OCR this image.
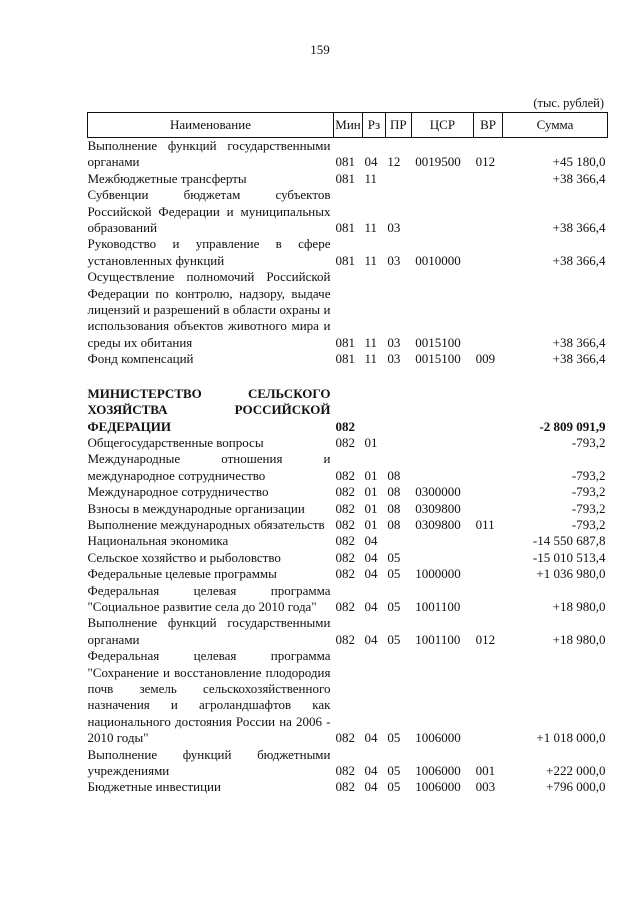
159
(тыс. рублей)
Наименование	Мин	Рз	ПР	ЦСР	ВР	Сумма
Выполнение функций государственными органами	081	04	12	0019500	012	+45 180,0
Межбюджетные трансферты	081	11				+38 366,4
Субвенции бюджетам субъектов Российской Федерации и муниципальных образований	081	11	03			+38 366,4
Руководство и управление в сфере установленных функций	081	11	03	0010000		+38 366,4
Осуществление полномочий Российской Федерации по контролю, надзору, выдаче лицензий и разрешений в области охраны и использования объектов животного мира и среды их обитания	081	11	03	0015100		+38 366,4
Фонд компенсаций	081	11	03	0015100	009	+38 366,4

МИНИСТЕРСТВО СЕЛЬСКОГО ХОЗЯЙСТВА РОССИЙСКОЙ ФЕДЕРАЦИИ	082					-2 809 091,9
Общегосударственные вопросы	082	01				-793,2
Международные отношения и международное сотрудничество	082	01	08			-793,2
Международное сотрудничество	082	01	08	0300000		-793,2
Взносы в международные организации	082	01	08	0309800		-793,2
Выполнение международных обязательств	082	01	08	0309800	011	-793,2
Национальная экономика	082	04				-14 550 687,8
Сельское хозяйство и рыболовство	082	04	05			-15 010 513,4
Федеральные целевые программы	082	04	05	1000000		+1 036 980,0
Федеральная целевая программа "Социальное развитие села до 2010 года"	082	04	05	1001100		+18 980,0
Выполнение функций государственными органами	082	04	05	1001100	012	+18 980,0
Федеральная целевая программа "Сохранение и восстановление плодородия почв земель сельскохозяйственного назначения и агроландшафтов как национального достояния России на 2006 - 2010 годы"	082	04	05	1006000		+1 018 000,0
Выполнение функций бюджетными учреждениями	082	04	05	1006000	001	+222 000,0
Бюджетные инвестиции	082	04	05	1006000	003	+796 000,0
